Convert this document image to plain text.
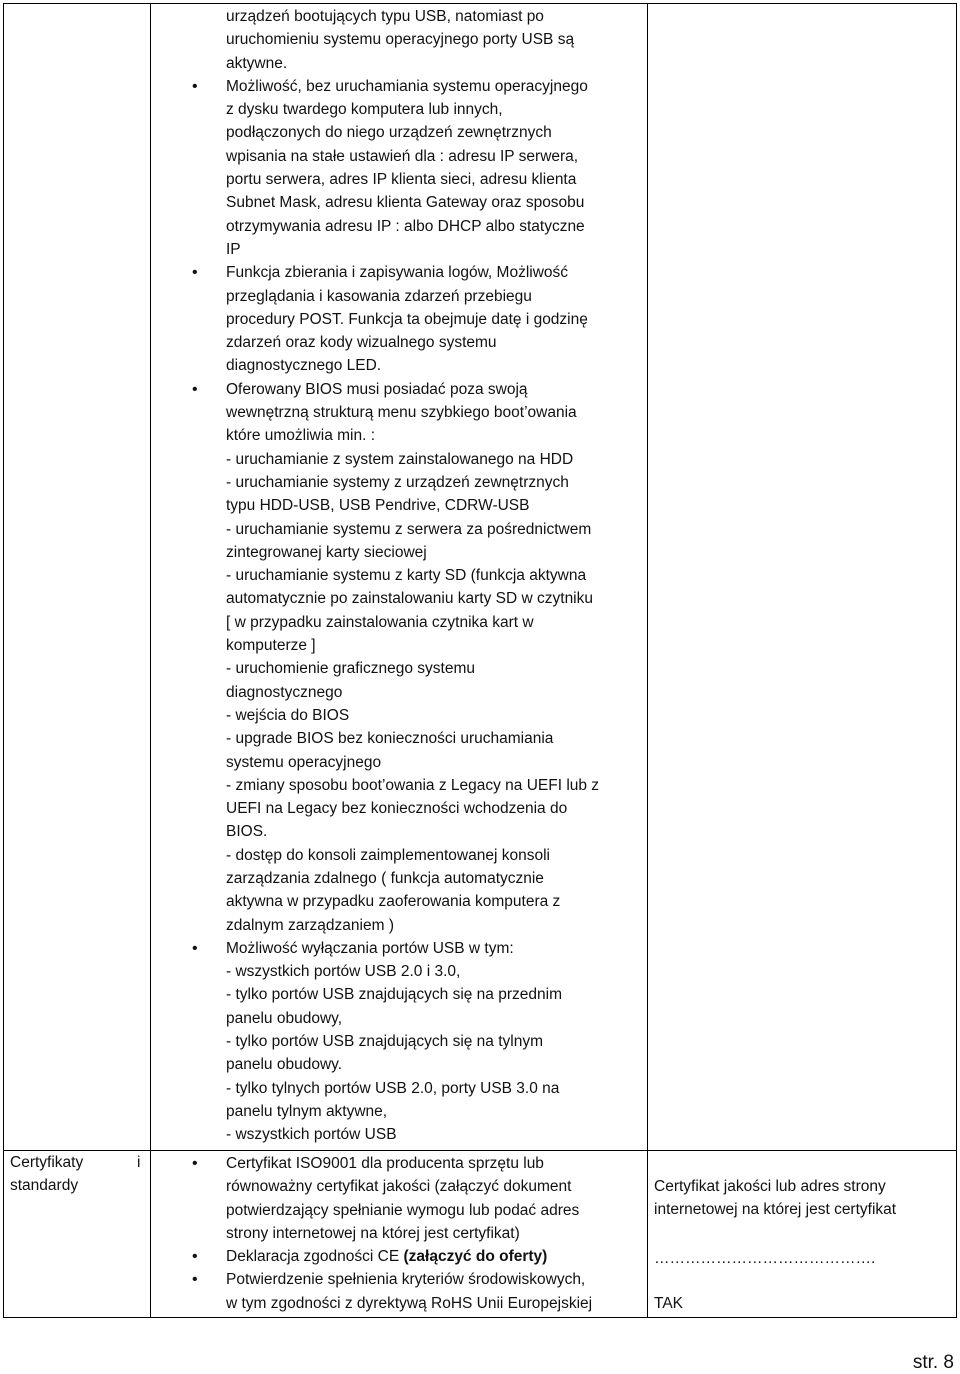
urządzeń bootujących typu USB, natomiast po
uruchomieniu systemu operacyjnego porty USB są
aktywne.
• Możliwość, bez uruchamiania systemu operacyjnego
z dysku twardego komputera lub innych,
podłączonych do niego urządzeń zewnętrznych
wpisania na stałe ustawień dla : adresu IP serwera,
portu serwera, adres IP klienta sieci, adresu klienta
Subnet Mask, adresu klienta Gateway oraz sposobu
otrzymywania adresu IP : albo DHCP albo statyczne
IP
• Funkcja zbierania i zapisywania logów, Możliwość
przeglądania i kasowania zdarzeń przebiegu
procedury POST. Funkcja ta obejmuje datę i godzinę
zdarzeń oraz kody wizualnego systemu
diagnostycznego LED.
• Oferowany BIOS musi posiadać poza swoją
wewnętrzną strukturą menu szybkiego boot’owania
które umożliwia min. :
- uruchamianie z system zainstalowanego na HDD
- uruchamianie systemy z urządzeń zewnętrznych
typu HDD-USB, USB Pendrive, CDRW-USB
- uruchamianie systemu z serwera za pośrednictwem
zintegrowanej karty sieciowej
- uruchamianie systemu z karty SD (funkcja aktywna
automatycznie po zainstalowaniu karty SD w czytniku
[ w przypadku zainstalowania czytnika kart w
komputerze ]
- uruchomienie graficznego systemu
diagnostycznego
- wejścia do BIOS
- upgrade BIOS bez konieczności uruchamiania
systemu operacyjnego
- zmiany sposobu boot’owania z Legacy na UEFI lub z
UEFI na Legacy bez konieczności wchodzenia do
BIOS.
- dostęp do konsoli zaimplementowanej konsoli
zarządzania zdalnego ( funkcja automatycznie
aktywna w przypadku zaoferowania komputera z
zdalnym zarządzaniem )
• Możliwość wyłączania portów USB w tym:
- wszystkich portów USB 2.0 i 3.0,
- tylko portów USB znajdujących się na przednim
panelu obudowy,
- tylko portów USB znajdujących się na tylnym
panelu obudowy.
- tylko tylnych portów USB 2.0, porty USB 3.0 na
panelu tylnym aktywne,
- wszystkich portów USB
Certyfikaty
standardy
i	• Certyfikat ISO9001 dla producenta sprzętu lub
równoważny certyfikat jakości (załączyć dokument
potwierdzający spełnianie wymogu lub podać adres
strony internetowej na której jest certyfikat)
• Deklaracja zgodności CE (załączyć do oferty)
• Potwierdzenie spełnienia kryteriów środowiskowych,
w tym zgodności z dyrektywą RoHS Unii Europejskiej
Certyfikat jakości lub adres strony
internetowej na której jest certyfikat
…………………………………….
TAK
str. 8
